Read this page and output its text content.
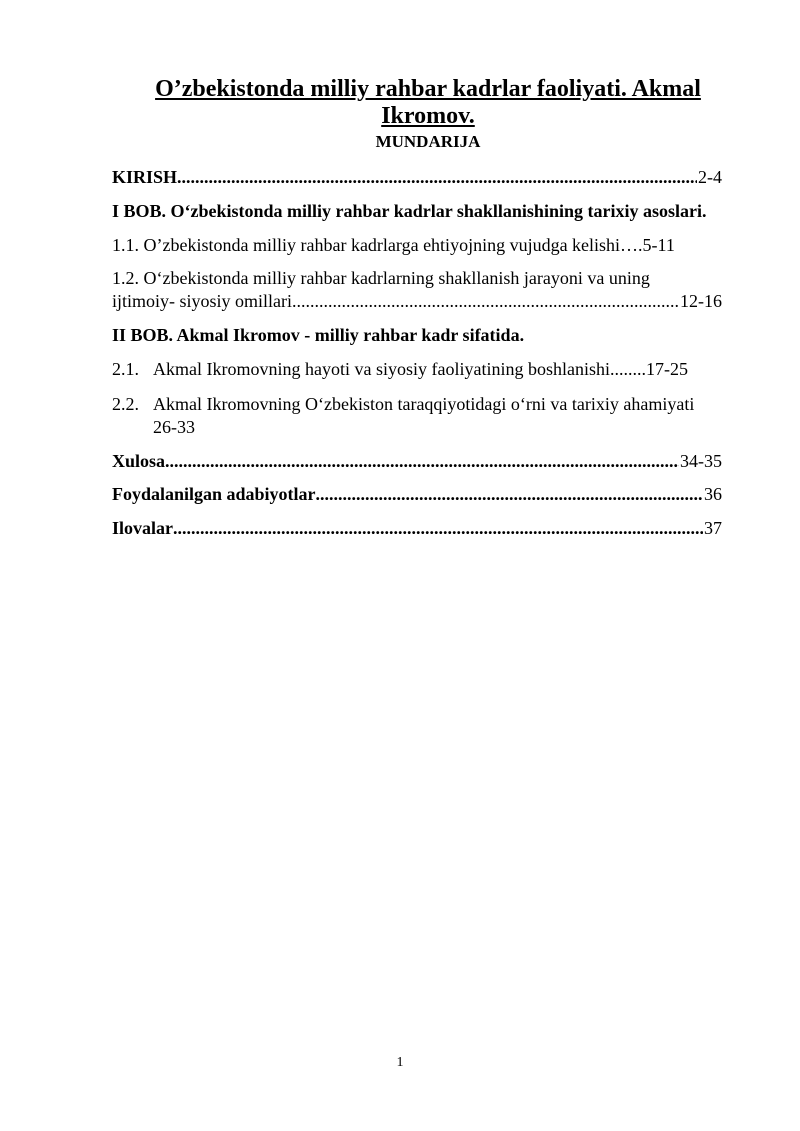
O’zbekistonda milliy rahbar kadrlar faoliyati. Akmal Ikromov.
MUNDARIJA
KIRISH .....	2-4
I BOB. O‘zbekistonda milliy rahbar kadrlar shakllanishining tarixiy asoslari.
1.1. O’zbekistonda milliy rahbar kadrlarga ehtiyojning vujudga kelishi….5-11
1.2. O‘zbekistonda milliy rahbar kadrlarning shakllanish jarayoni va uning
ijtimoiy- siyosiy omillari .....	12-16
II BOB. Akmal Ikromov - milliy rahbar kadr sifatida.
2.1. Akmal Ikromovning hayoti va siyosiy faoliyatining boshlanishi........17-25
2.2. Akmal Ikromovning O‘zbekiston taraqqiyotidagi o‘rni va tarixiy ahamiyati
26-33
Xulosa .....	34-35
Foydalanilgan adabiyotlar .....	36
Ilovalar .....	37
1
